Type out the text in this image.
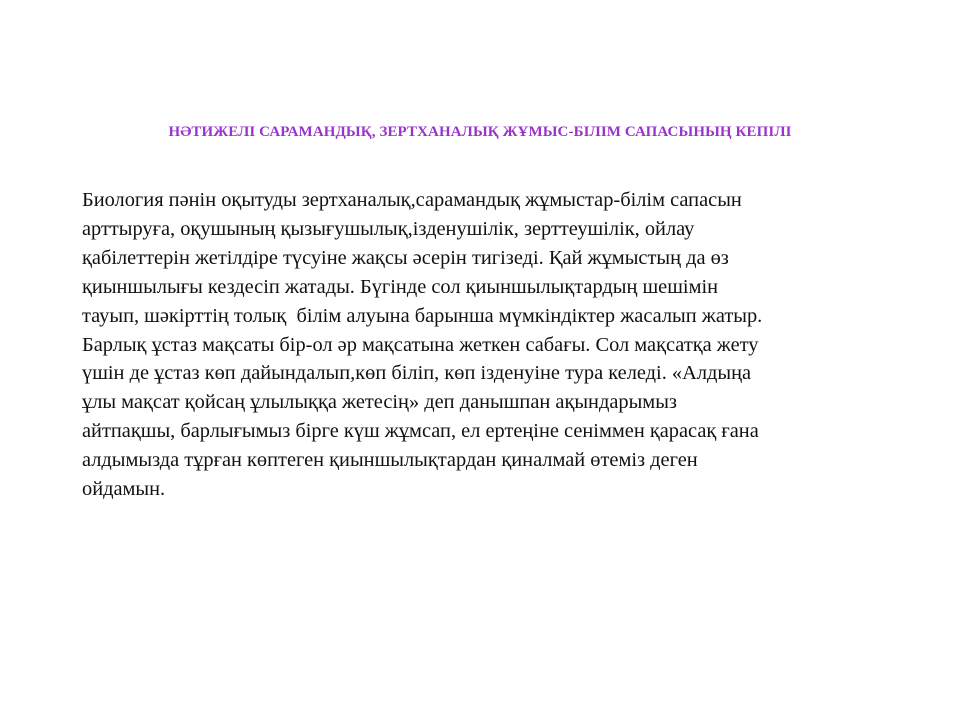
НӘТИЖЕЛІ САРАМАНДЫҚ, ЗЕРТХАНАЛЫҚ ЖҰМЫС-БІЛІМ САПАСЫНЫҢ КЕПІЛІ

Биология пәнін оқытуды зертханалық,сарамандық жұмыстар-білім сапасын
арттыруға, оқушының қызығушылық,ізденушілік, зерттеушілік, ойлау
қабілеттерін жетілдіре түсуіне жақсы әсерін тигізеді. Қай жұмыстың да өз
қиыншылығы кездесіп жатады. Бүгінде сол қиыншылықтардың шешімін
тауып, шәкірттің толық  білім алуына барынша мүмкіндіктер жасалып жатыр.
Барлық ұстаз мақсаты бір-ол әр мақсатына жеткен сабағы. Сол мақсатқа жету
үшін де ұстаз көп дайындалып,көп біліп, көп ізденуіне тура келеді. «Алдыңа
ұлы мақсат қойсаң ұлылыққа жетесің» деп данышпан ақындарымыз
айтпақшы, барлығымыз бірге күш жұмсап, ел ертеңіне сеніммен қарасақ ғана
алдымызда тұрған көптеген қиыншылықтардан қиналмай өтеміз деген
ойдамын.
